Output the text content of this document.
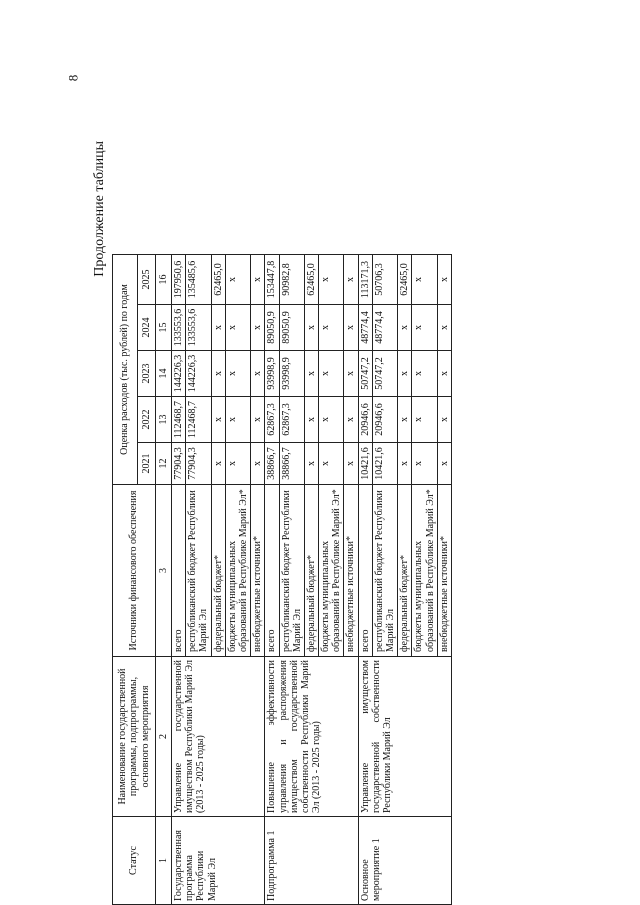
8
Продолжение таблицы
Статус	Наименование государственной программы, подпрограммы, основного мероприятия	Источники финансового обеспечения	Оценка расходов (тыс. рублей) по годам				
			2021	2022	2023	2024	2025
1	2	3	12	13	14	15	16
Государственная программа Республики Марий Эл	Управление государственной имуществом Республики Марий Эл (2013 - 2025 годы)	всего	77904,3	112468,7	144226,3	133553,6	197950,6
		республиканский бюджет Республики Марий Эл	77904,3	112468,7	144226,3	133553,6	135485,6
		федеральный бюджет*	х	х	х	х	62465,0
		бюджеты муниципальных образований в Республике Марий Эл*	х	х	х	х	х
		внебюджетные источники*	х	х	х	х	х
Подпрограмма 1	Повышение эффективности управления и распоряжения имуществом государственной собственности Республики Марий Эл (2013 - 2025 годы)	всего	38866,7	62867,3	93998,9	89050,9	153447,8
		республиканский бюджет Республики Марий Эл	38866,7	62867,3	93998,9	89050,9	90982,8
		федеральный бюджет*	х	х	х	х	62465,0
		бюджеты муниципальных образований в Республике Марий Эл*	х	х	х	х	х
		внебюджетные источники*	х	х	х	х	х
Основное мероприятие 1	Управление имуществом государственной собственности Республики Марий Эл	всего	10421,6	20946,6	50747,2	48774,4	113171,3
		республиканский бюджет Республики Марий Эл	10421,6	20946,6	50747,2	48774,4	50706,3
		федеральный бюджет*	х	х	х	х	62465,0
		бюджеты муниципальных образований в Республике Марий Эл*	х	х	х	х	х
		внебюджетные источники*	х	х	х	х	х
